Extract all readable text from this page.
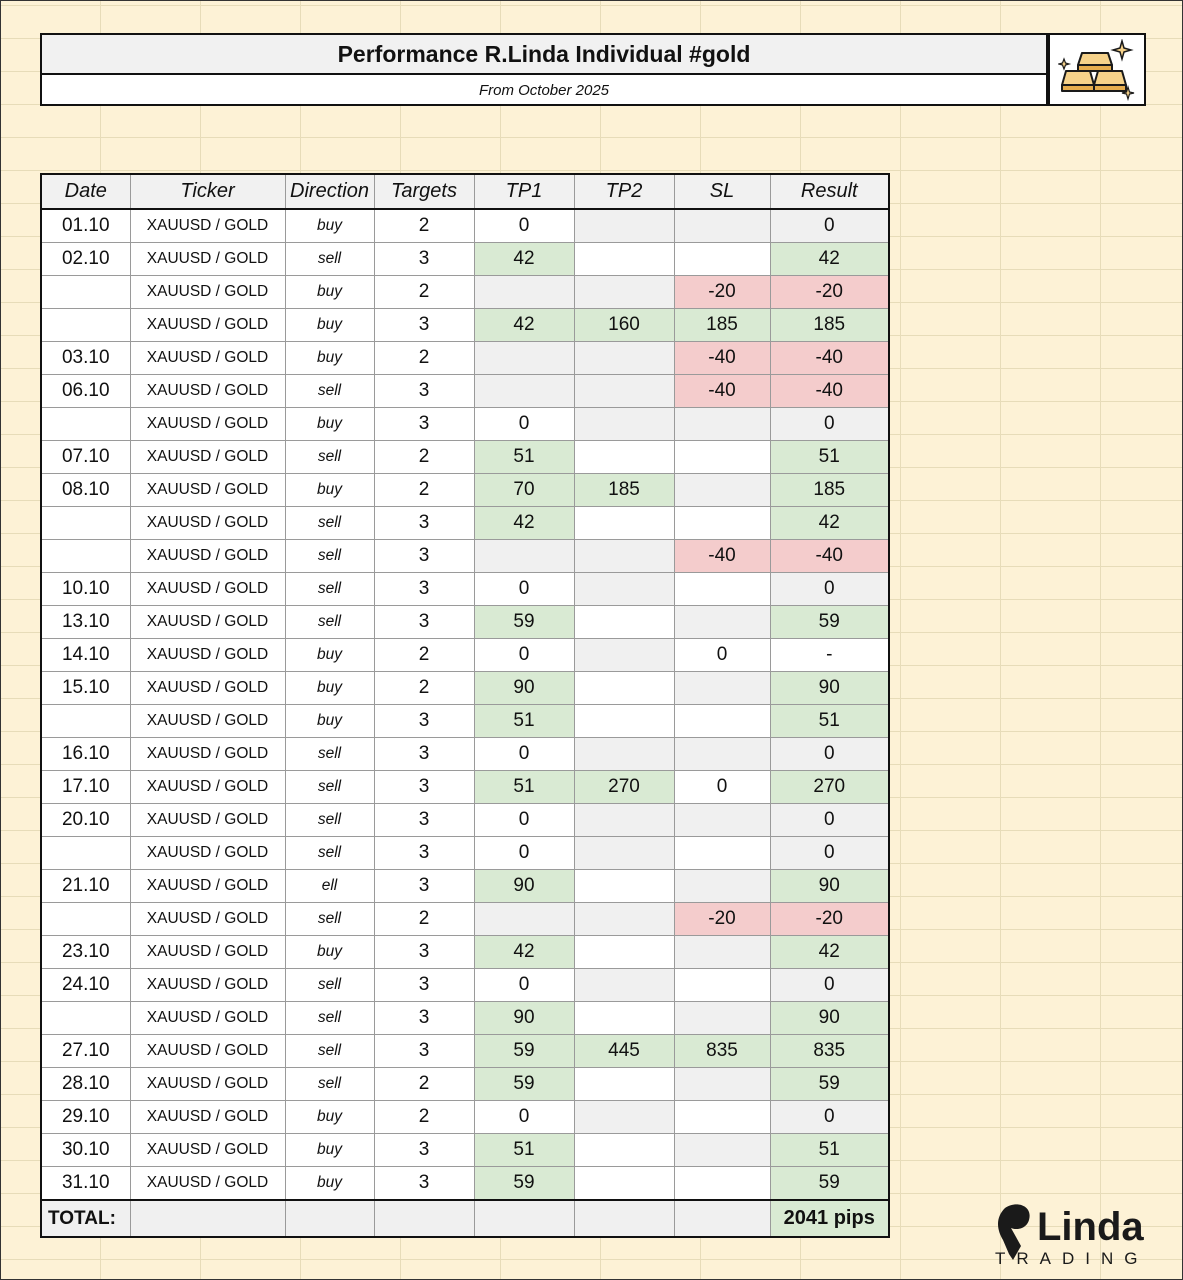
Performance R.Linda Individual #gold
From October 2025
Date	Ticker	Direction	Targets	TP1	TP2	SL	Result
01.10	XAUUSD / GOLD	buy	2	0			0
02.10	XAUUSD / GOLD	sell	3	42			42
	XAUUSD / GOLD	buy	2			-20	-20
	XAUUSD / GOLD	buy	3	42	160	185	185
03.10	XAUUSD / GOLD	buy	2			-40	-40
06.10	XAUUSD / GOLD	sell	3			-40	-40
	XAUUSD / GOLD	buy	3	0			0
07.10	XAUUSD / GOLD	sell	2	51			51
08.10	XAUUSD / GOLD	buy	2	70	185		185
	XAUUSD / GOLD	sell	3	42			42
	XAUUSD / GOLD	sell	3			-40	-40
10.10	XAUUSD / GOLD	sell	3	0			0
13.10	XAUUSD / GOLD	sell	3	59			59
14.10	XAUUSD / GOLD	buy	2	0		0	-
15.10	XAUUSD / GOLD	buy	2	90			90
	XAUUSD / GOLD	buy	3	51			51
16.10	XAUUSD / GOLD	sell	3	0			0
17.10	XAUUSD / GOLD	sell	3	51	270	0	270
20.10	XAUUSD / GOLD	sell	3	0			0
	XAUUSD / GOLD	sell	3	0			0
21.10	XAUUSD / GOLD	ell	3	90			90
	XAUUSD / GOLD	sell	2			-20	-20
23.10	XAUUSD / GOLD	buy	3	42			42
24.10	XAUUSD / GOLD	sell	3	0			0
	XAUUSD / GOLD	sell	3	90			90
27.10	XAUUSD / GOLD	sell	3	59	445	835	835
28.10	XAUUSD / GOLD	sell	2	59			59
29.10	XAUUSD / GOLD	buy	2	0			0
30.10	XAUUSD / GOLD	buy	3	51			51
31.10	XAUUSD / GOLD	buy	3	59			59
TOTAL:							2041 pips	Linda
TRADING
